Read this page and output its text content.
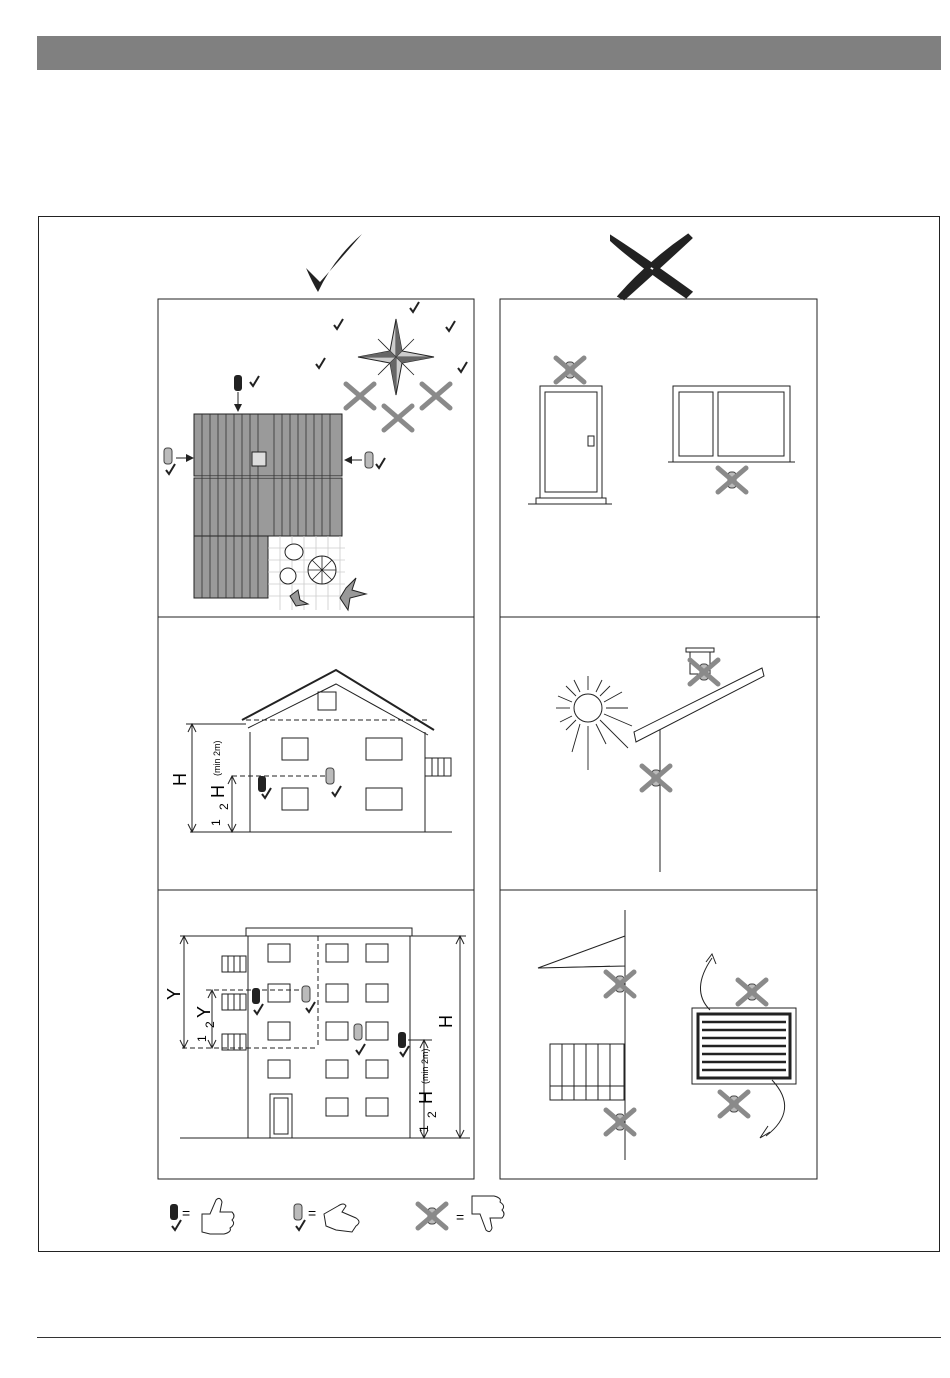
H
1
2
H
(min 2m)
Y
1
2
Y
H
1
2
H
(min 2m)
=	=	=
